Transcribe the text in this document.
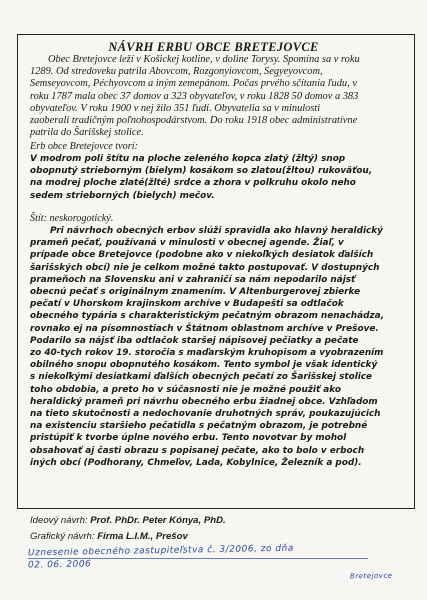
NÁVRH ERBU OBCE BRETEJOVCE
Obec Bretejovce leží v Košickej kotline, v doline Torysy. Spomína sa v roku
1289. Od stredoveku patrila Abovcom, Rozgonyiovcom, Segyeyovcom,
Semseyovcom, Péchyovcom a iným zemepánom. Počas prvého sčítania ľudu, v
roku 1787 mala obec 37 domov a 323 obyvateľov, v roku 1828 50 domov a 383
obyvateľov. V roku 1900 v nej žilo 351 ľudí. Obyvatelia sa v minulosti
zaoberali tradičným poľnohospodárstvom. Do roku 1918 obec administratívne
patrila do Šarišskej stolice.
Erb obce Bretejovce tvorí:
V modrom poli štítu na ploche zeleného kopca zlatý (žltý) snop
obopnutý strieborným (bielym) kosákom so zlatou(žltou) rukoväťou,
na modrej ploche zlaté(žlté) srdce a zhora v polkruhu okolo neho
sedem strieborných (bielych) mečov.
Štít: neskorogotický.
Pri návrhoch obecných erbov slúži spravidla ako hlavný heraldický
prameň pečať, používaná v minulosti v obecnej agende. Žiaľ, v
prípade obce Bretejovce (podobne ako v niekoľkých desiatok ďalších
šarišských obcí) nie je celkom možné takto postupovať. V dostupných
prameňoch na Slovensku ani v zahraničí sa nám nepodarilo nájsť
obecnú pečať s originálnym znamením. V Altenburgerovej zbierke
pečatí v Uhorskom krajinskom archíve v Budapešti sa odtlačok
obecného typária s charakteristickým pečatným obrazom nenachádza,
rovnako ej na písomnostiach v Štátnom oblastnom archíve v Prešove.
Podarilo sa nájsť iba odtlačok staršej nápisovej pečiatky a pečate
zo 40-tych rokov 19. storočia s maďarským kruhopisom a vyobrazením
obilného snopu obopnutého kosákom. Tento symbol je však identický
s niekoľkými desiatkami ďalších obecných pečatí zo Šarišskej stolice
toho obdobia, a preto ho v súčasnosti nie je možné použiť ako
heraldický prameň pri návrhu obecného erbu žiadnej obce. Vzhľadom
na tieto skutočnosti a nedochovanie druhotných správ, poukazujúcich
na existenciu staršieho pečatidla s pečatným obrazom, je potrebné
pristúpiť k tvorbe úplne nového erbu. Tento novotvar by mohol
obsahovať aj časti obrazu s popisanej pečate, ako to bolo v erboch
iných obcí (Podhorany, Chmeľov, Lada, Kobylnice, Železník a pod).
Ideový návrh: Prof. PhDr. Peter Kónya, PhD.
Grafický návrh: Firma L.I.M., Prešov
Uznesenie obecného zastupiteľstva č. 3/2006, zo dňa
02. 06. 2006
Bretejovce
